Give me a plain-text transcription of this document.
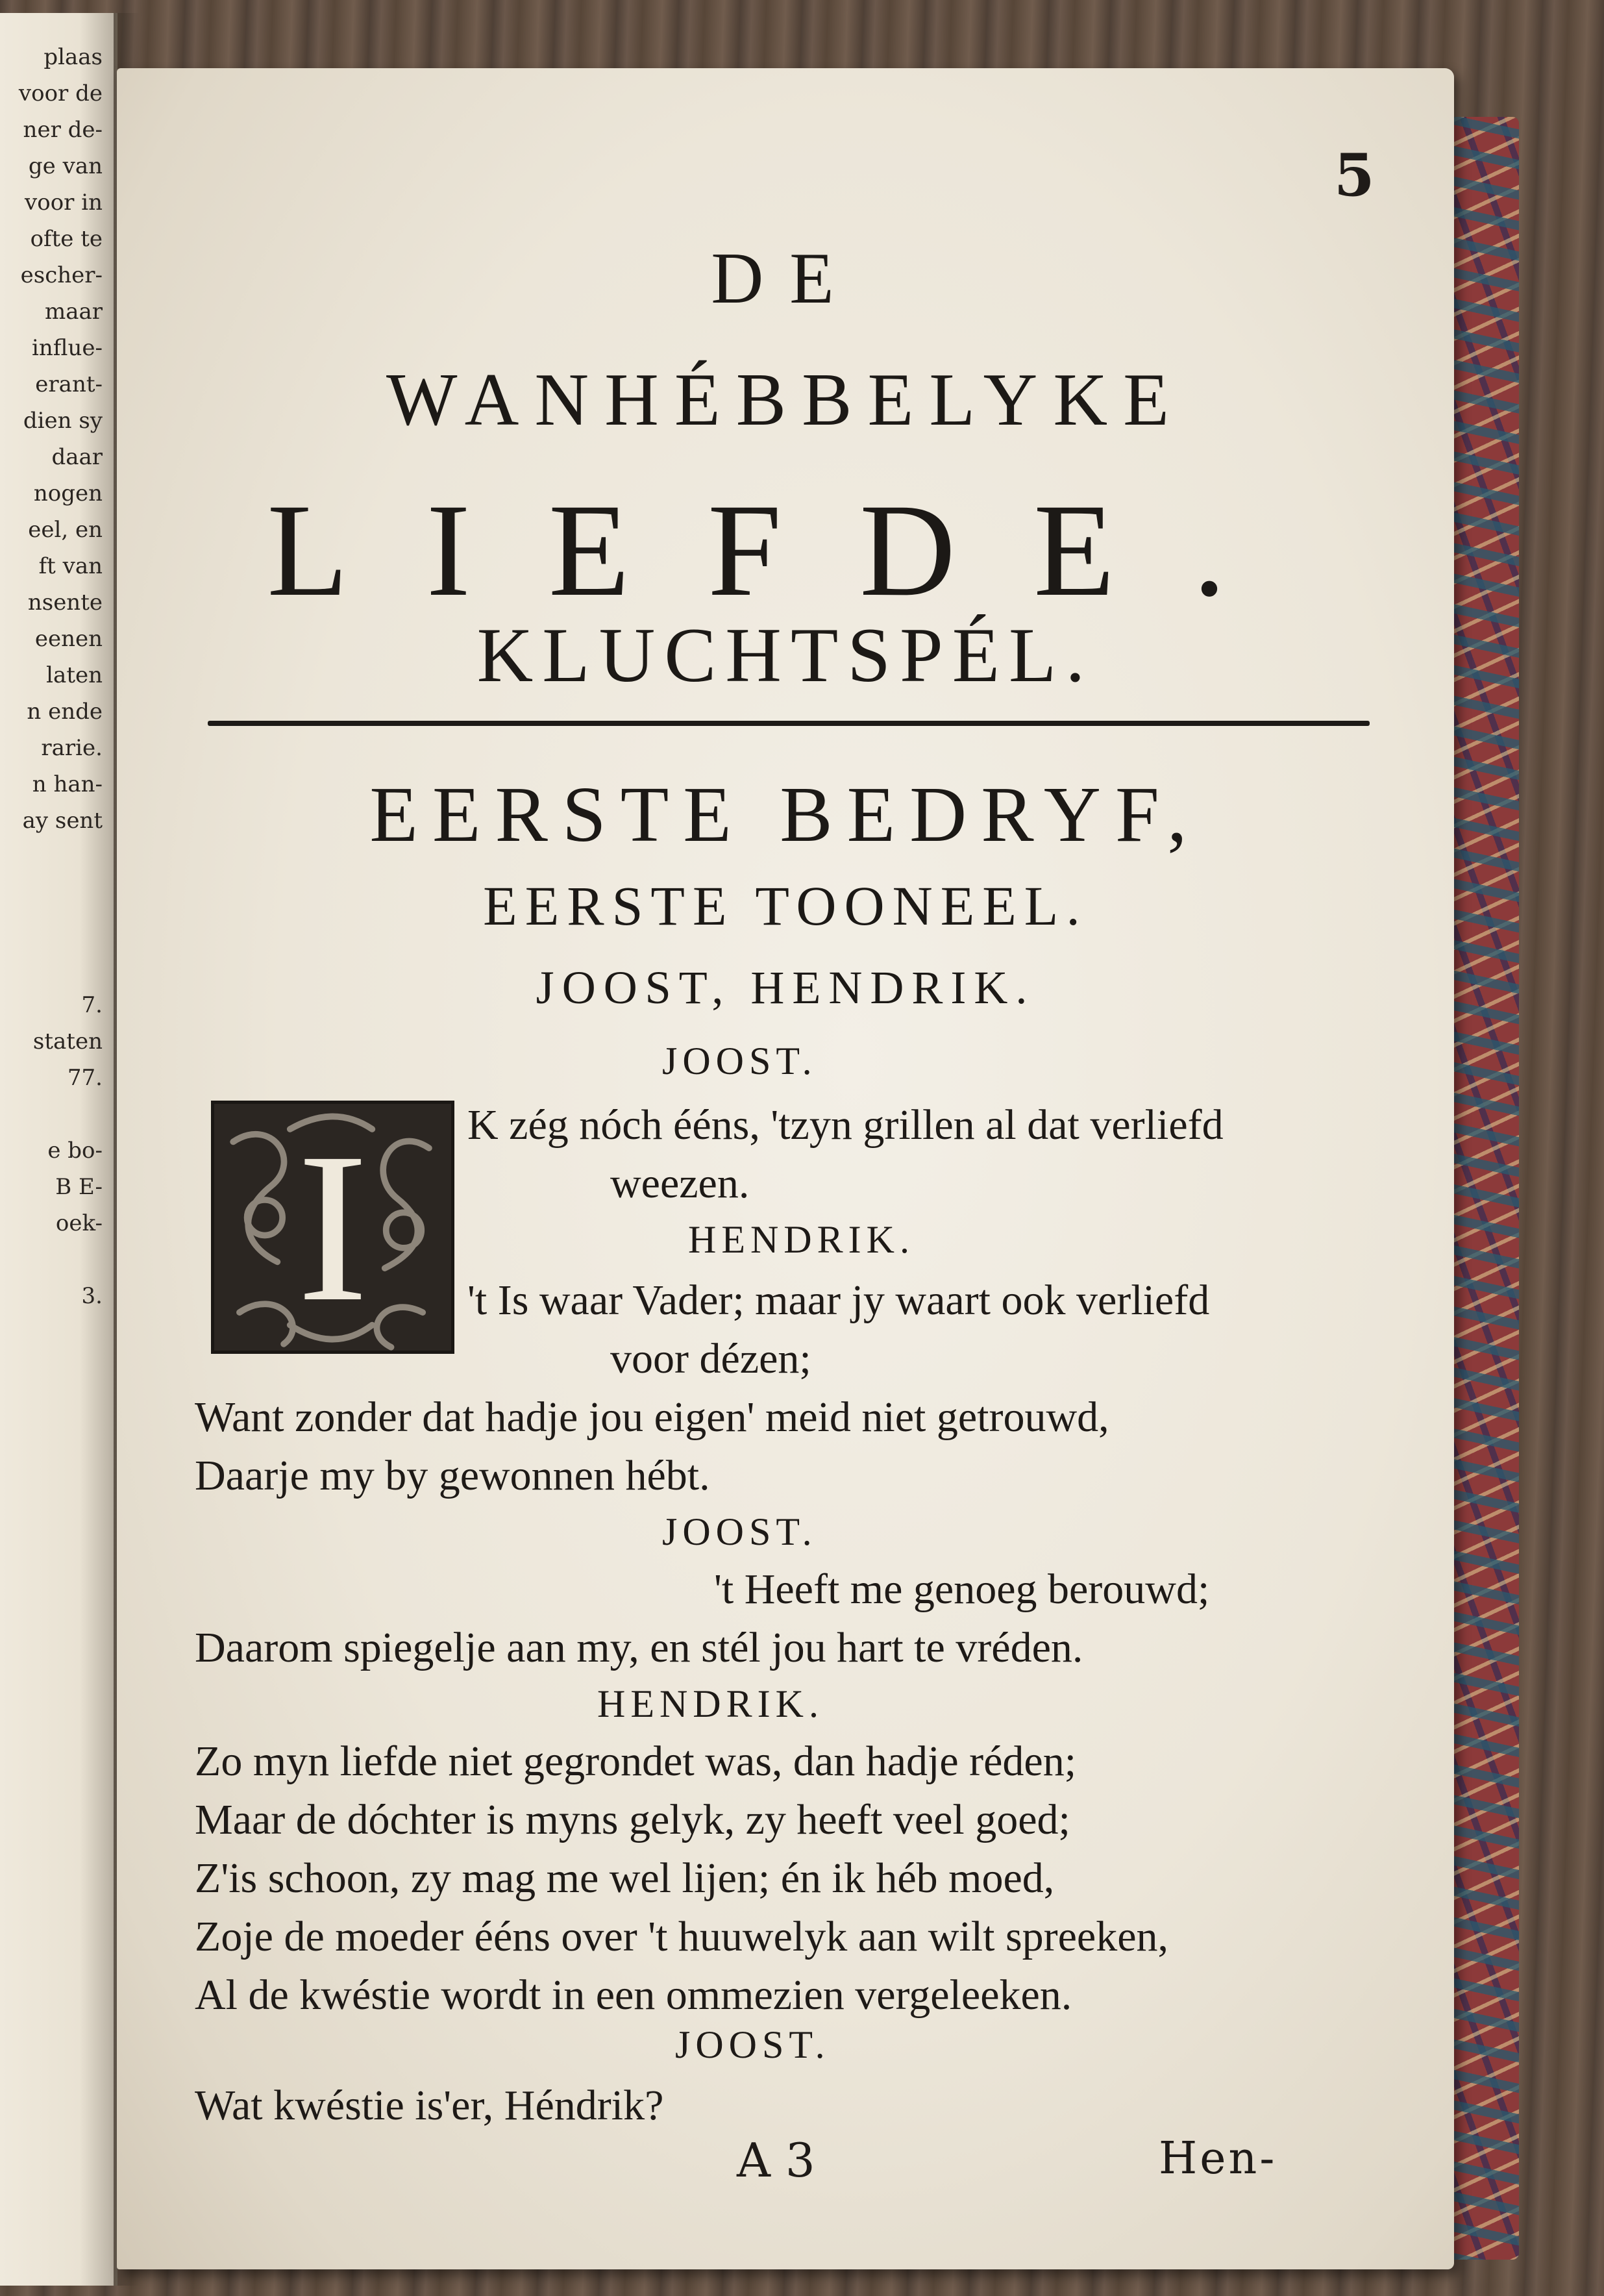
plaas
voor de
ner de-
ge van
voor in
ofte te
escher-
maar
influe-
erant-
dien sy
daar
nogen
eel, en
ft van
nsente
eenen
laten
n ende
rarie.
n han-
ay sent
7.
staten
77.
e bo-
B E-
oek-
3.
5
DE
WANHÉBBELYKE
LIEFDE.
KLUCHTSPÉL.
EERSTE BEDRYF,
EERSTE TOONEEL.
JOOST, HENDRIK.
I
JOOST.
K zég nóch ééns, 'tzyn grillen al dat verliefd
weezen.
HENDRIK.
't Is waar Vader; maar jy waart ook verliefd
voor dézen;
Want zonder dat hadje jou eigen' meid niet getrouwd,
Daarje my by gewonnen hébt.
JOOST.
't Heeft me genoeg berouwd;
Daarom spiegelje aan my, en stél jou hart te vréden.
HENDRIK.
Zo myn liefde niet gegrondet was, dan hadje réden;
Maar de dóchter is myns gelyk, zy heeft veel goed;
Z'is schoon, zy mag me wel lijen; én ik héb moed,
Zoje de moeder ééns over 't huuwelyk aan wilt spreeken,
Al de kwéstie wordt in een ommezien vergeleeken.
JOOST.
Wat kwéstie is'er, Héndrik?
A 3	Hen-
